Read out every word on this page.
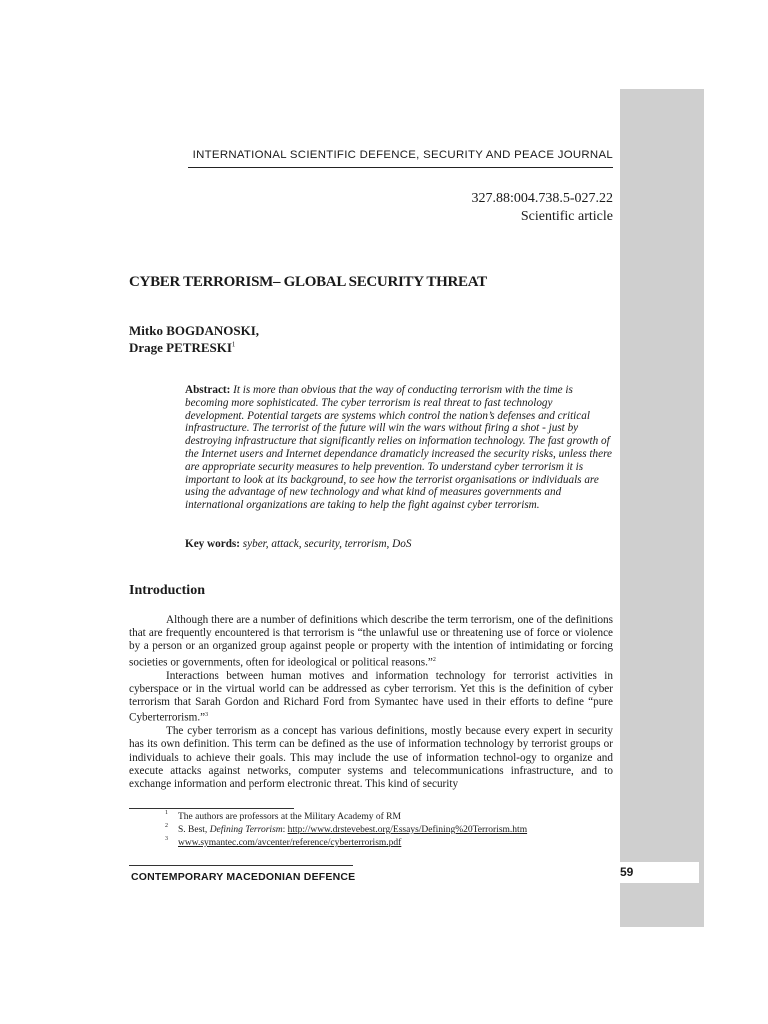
59
INTERNATIONAL SCIENTIFIC DEFENCE, SECURITY AND PEACE JOURNAL
327.88:004.738.5-027.22
Scientific article
CYBER TERRORISM– GLOBAL SECURITY THREAT
Mitko BOGDANOSKI,
Drage PETRESKI$^1$
Abstract: It is more than obvious that the way of conducting terrorism with the time is becoming more sophisticated. The cyber terrorism is real threat to fast technology development. Potential targets are systems which control the nation’s defenses and critical infrastructure. The terrorist of the future will win the wars without firing a shot - just by destroying infrastructure that significantly relies on information technology. The fast growth of the Internet users and Internet dependance dramaticly increased the security risks, unless there are appropriate security measures to help prevention. To understand cyber terrorism it is important to look at its background, to see how the terrorist organisations or individuals are using the advantage of new technology and what kind of measures governments and international organizations are taking to help the fight against cyber terrorism.
Key words: syber, attack, security, terrorism, DoS
Introduction

Although there are a number of definitions which describe the term terrorism, one of the definitions that are frequently encountered is that terrorism is “the unlawful use or threatening use of force or violence by a person or an organized group against people or property with the intention of intimidating or forcing societies or governments, often for ideological or political reasons.”$^2$

Interactions between human motives and information technology for terrorist activities in cyberspace or in the virtual world can be addressed as cyber terrorism. Yet this is the definition of cyber terrorism that Sarah Gordon and Richard Ford from Symantec have used in their efforts to define “pure Cyberterrorism.”$^3$

The cyber terrorism as a concept has various definitions, mostly because every expert in security has its own definition. This term can be defined as the use of information technology by terrorist groups or individuals to achieve their goals. This may include the use of information technol-ogy to organize and execute attacks against networks, computer systems and telecommunications infrastructure, and to exchange information and perform electronic threat. This kind of security

1 The authors are professors at the Military Academy of RM
2 S. Best, Defining Terrorism: http://www.drstevebest.org/Essays/Defining%20Terrorism.htm
3 www.symantec.com/avcenter/reference/cyberterrorism.pdf
CONTEMPORARY MACEDONIAN DEFENCE
